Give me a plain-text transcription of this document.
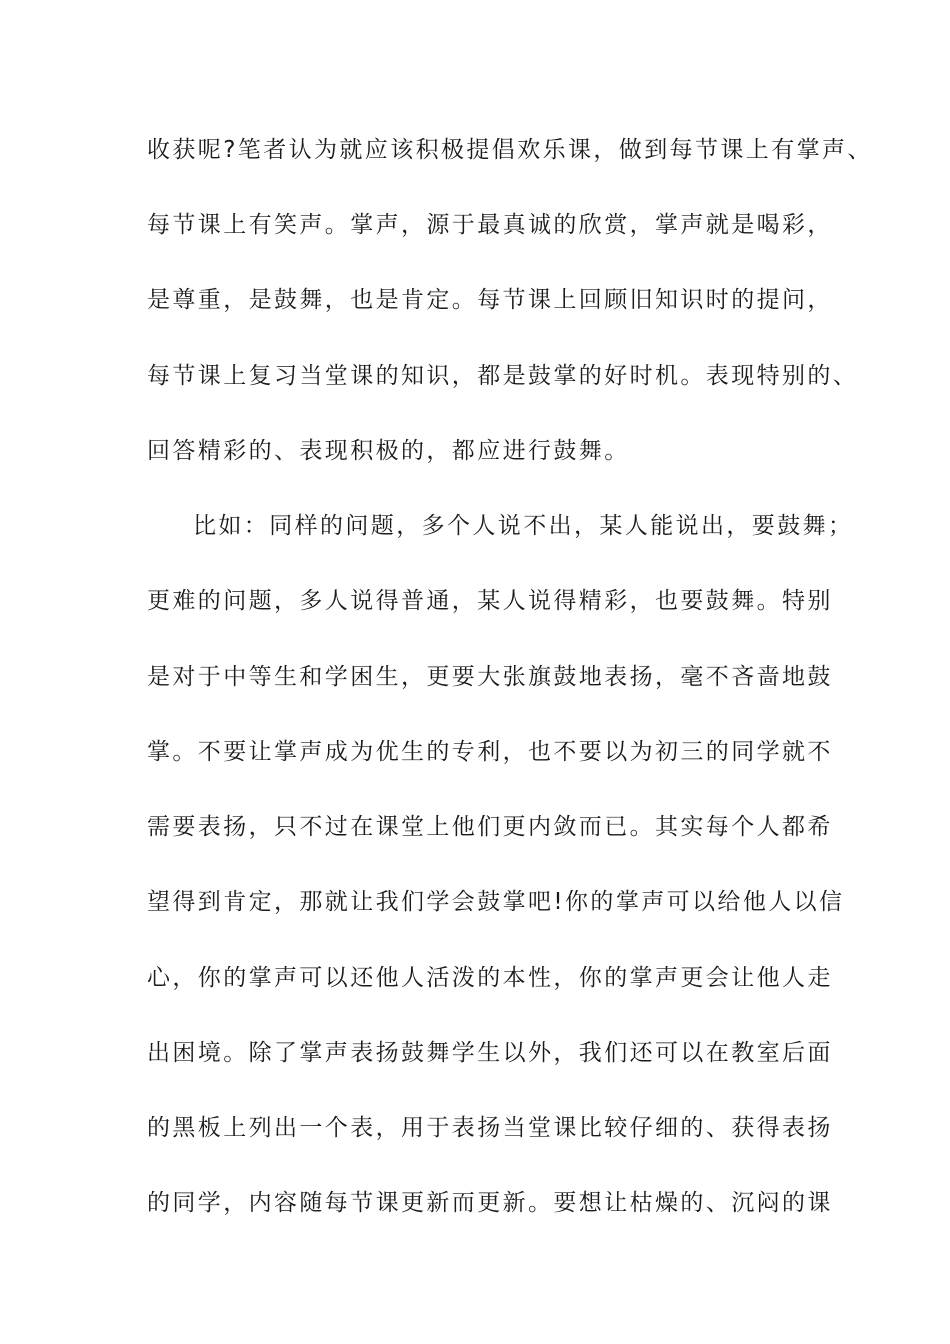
收获呢?笔者认为就应该积极提倡欢乐课，做到每节课上有掌声、
每节课上有笑声。掌声，源于最真诚的欣赏，掌声就是喝彩，
是尊重，是鼓舞，也是肯定。每节课上回顾旧知识时的提问，
每节课上复习当堂课的知识，都是鼓掌的好时机。表现特别的、
回答精彩的、表现积极的，都应进行鼓舞。
比如：同样的问题，多个人说不出，某人能说出，要鼓舞；
更难的问题，多人说得普通，某人说得精彩，也要鼓舞。特别
是对于中等生和学困生，更要大张旗鼓地表扬，毫不吝啬地鼓
掌。不要让掌声成为优生的专利，也不要以为初三的同学就不
需要表扬，只不过在课堂上他们更内敛而已。其实每个人都希
望得到肯定，那就让我们学会鼓掌吧!你的掌声可以给他人以信
心，你的掌声可以还他人活泼的本性，你的掌声更会让他人走
出困境。除了掌声表扬鼓舞学生以外，我们还可以在教室后面
的黑板上列出一个表，用于表扬当堂课比较仔细的、获得表扬
的同学，内容随每节课更新而更新。要想让枯燥的、沉闷的课
